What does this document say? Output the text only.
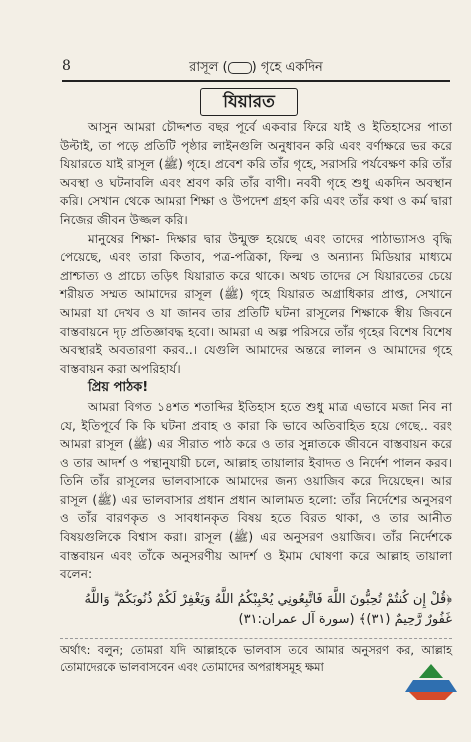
8	রাসূল ( ) গৃহে একদিন
যিয়ারত

আসুন আমরা চৌদ্দশত বছর পূর্বে একবার ফিরে যাই ও ইতিহাসের পাতা উল্টাই, তা পড়ে প্রতিটি পৃষ্ঠার লাইনগুলি অনুধাবন করি এবং বর্ণাক্ষরে ভর করে যিয়ারতে যাই রাসূল (ﷺ) গৃহে। প্রবেশ করি তাঁর গৃহে, সরাসরি পর্যবেক্ষণ করি তাঁর অবস্থা ও ঘটনাবলি এবং শ্রবণ করি তাঁর বাণী। নববী গৃহে শুধু একদিন অবস্থান করি। সেখান থেকে আমরা শিক্ষা ও উপদেশ গ্রহণ করি এবং তাঁর কথা ও কর্ম দ্বারা নিজের জীবন উজ্জল করি।

মানুষের শিক্ষা- দিক্ষার দ্বার উন্মুক্ত হয়েছে এবং তাদের পাঠাভ্যাসও বৃদ্ধি পেয়েছে, এবং তারা কিতাব, পত্র-পত্রিকা, ফিল্ম ও অন্যান্য মিডিয়ার মাধ্যমে প্রাশ্চাত্য ও প্রাচ্যে তড়িৎ যিয়ারাত করে থাকে। অথচ তাদের সে যিয়ারতের চেয়ে শরীয়ত সম্মত আমাদের রাসূল (ﷺ) গৃহে যিয়ারত অগ্রাধিকার প্রাপ্ত, সেখানে আমরা যা দেখব ও যা জানব তার প্রতিটি ঘটনা রাসূলের শিক্ষাকে স্বীয় জিবনে বাস্তবায়নে দৃঢ় প্রতিজ্ঞাবদ্ধ হবো। আমরা এ অল্প পরিসরে তাঁর গৃহের বিশেষ বিশেষ অবস্থারই অবতারণা করব..। যেগুলি আমাদের অন্তরে লালন ও আমাদের গৃহে বাস্তবায়ন করা অপরিহার্য।

প্রিয় পাঠক!

আমরা বিগত ১৪শত শতাব্দির ইতিহাস হতে শুধু মাত্র এভাবে মজা নিব না যে, ইতিপূর্বে কি কি ঘটনা প্রবাহ ও কারা কি ভাবে অতিবাহিত হয়ে গেছে.. বরং আমরা রাসূল (ﷺ) এর সীরাত পাঠ করে ও তার সুন্নাতকে জীবনে বাস্তবায়ন করে ও তার আদর্শ ও পন্থানুযায়ী চলে, আল্লাহ তায়ালার ইবাদত ও নির্দেশ পালন করব। তিনি তাঁর রাসূলের ভালবাসাকে আমাদের জন্য ওয়াজিব করে দিয়েছেন। আর রাসূল (ﷺ) এর ভালবাসার প্রধান প্রধান আলামত হলো: তাঁর নির্দেশের অনুসরণ ও তাঁর বারণকৃত ও সাবধানকৃত বিষয় হতে বিরত থাকা, ও তার আনীত বিষয়গুলিকে বিশ্বাস করা। রাসূল (ﷺ) এর অনুসরণ ওয়াজিব। তাঁর নির্দেশকে বাস্তবায়ন এবং তাঁকে অনুসরণীয় আদর্শ ও ইমাম ঘোষণা করে আল্লাহ তায়ালা বলেন:

﴿قُلْ إِن كُنتُمْ تُحِبُّونَ اللَّهَ فَاتَّبِعُونِي يُحْبِبْكُمُ اللَّهُ وَيَغْفِرْ لَكُمْ ذُنُوبَكُمْ ۗ وَاللَّهُ غَفُورٌ رَّحِيمٌ (٣١)﴾ (سورة آل عمران:٣١)
অর্থাৎ: বলুন; তোমরা যদি আল্লাহকে ভালবাস তবে আমার অনুসরণ কর, আল্লাহ তোমাদেরকে ভালবাসবেন এবং তোমাদের অপরাধসমূহ ক্ষমা
